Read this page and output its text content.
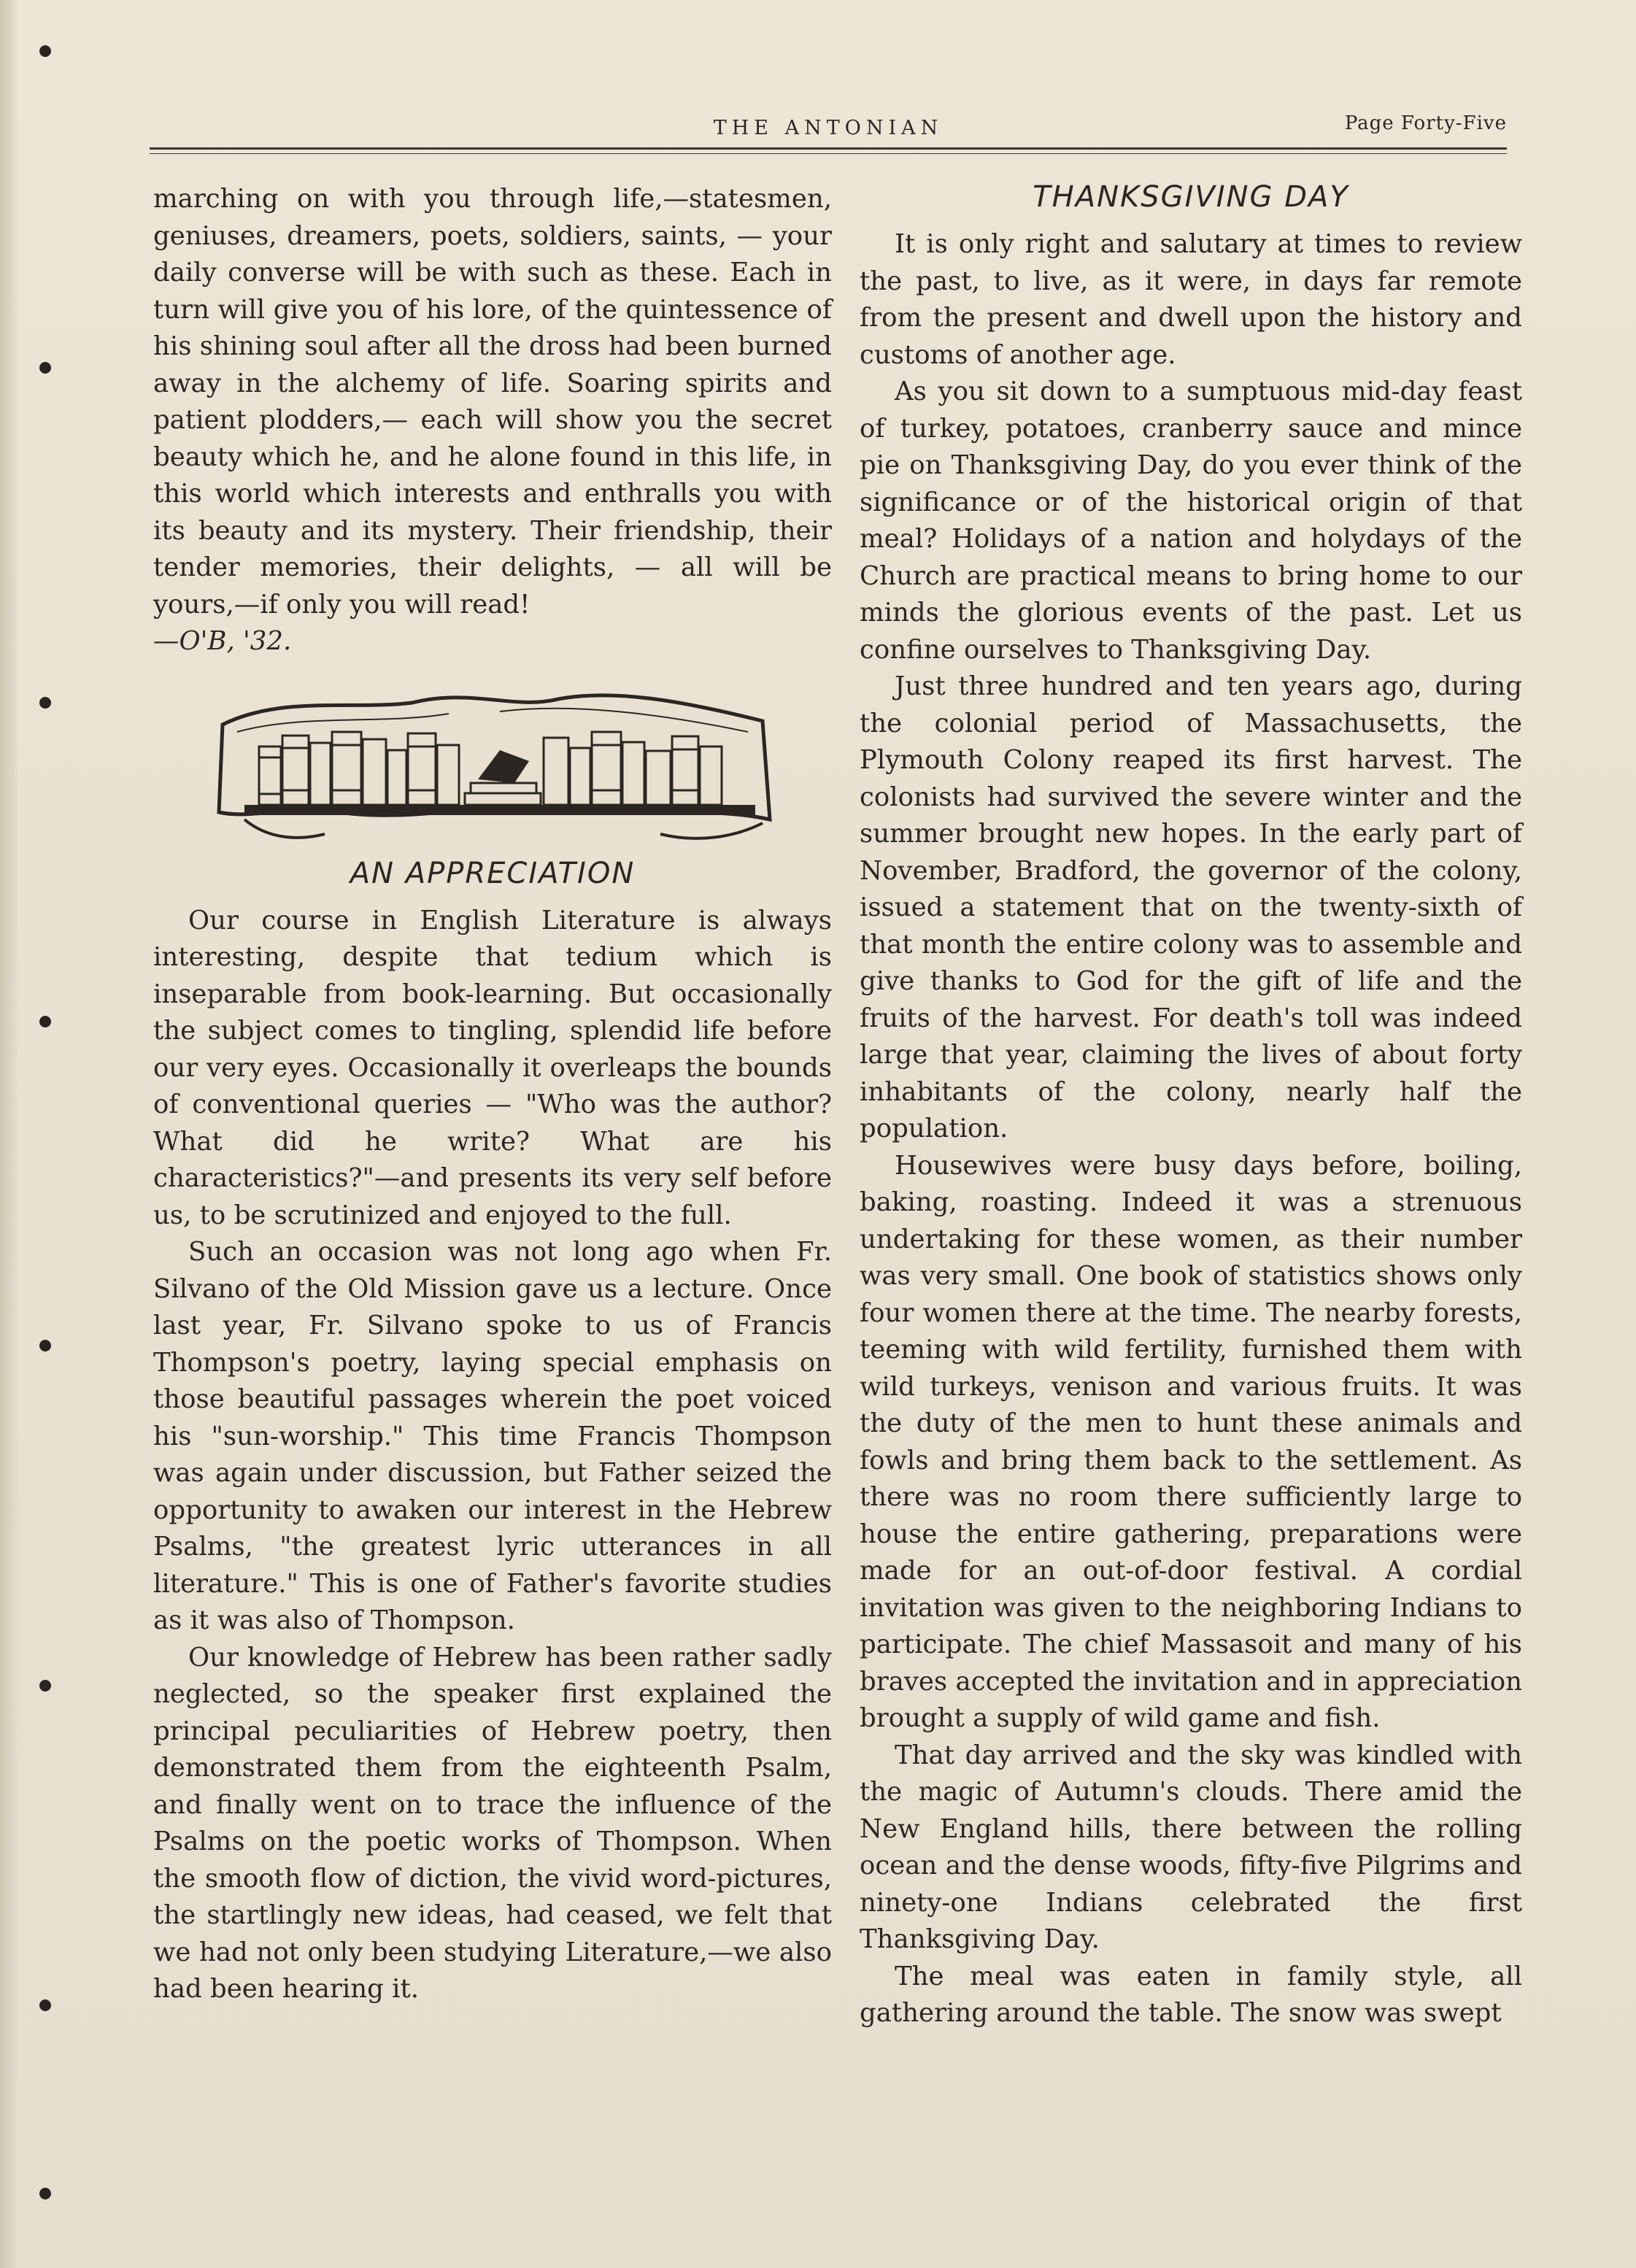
THE ANTONIAN	Page Forty-Five

marching on with you through life,—statesmen, geniuses, dreamers, poets, soldiers, saints, — your daily converse will be with such as these. Each in turn will give you of his lore, of the quintessence of his shining soul after all the dross had been burned away in the alchemy of life. Soaring spirits and patient plodders,— each will show you the secret beauty which he, and he alone found in this life, in this world which interests and enthralls you with its beauty and its mystery. Their friendship, their tender memories, their delights, — all will be yours,—if only you will read!

—O'B, '32.

AN APPRECIATION

Our course in English Literature is always interesting, despite that tedium which is inseparable from book-learning. But occasionally the subject comes to tingling, splendid life before our very eyes. Occasionally it overleaps the bounds of conventional queries — "Who was the author? What did he write? What are his characteristics?"—and presents its very self before us, to be scrutinized and enjoyed to the full.

Such an occasion was not long ago when Fr. Silvano of the Old Mission gave us a lecture. Once last year, Fr. Silvano spoke to us of Francis Thompson's poetry, laying special emphasis on those beautiful passages wherein the poet voiced his "sun-worship." This time Francis Thompson was again under discussion, but Father seized the opportunity to awaken our interest in the Hebrew Psalms, "the greatest lyric utterances in all literature." This is one of Father's favorite studies as it was also of Thompson.

Our knowledge of Hebrew has been rather sadly neglected, so the speaker first explained the principal peculiarities of Hebrew poetry, then demonstrated them from the eighteenth Psalm, and finally went on to trace the influence of the Psalms on the poetic works of Thompson. When the smooth flow of diction, the vivid word-pictures, the startlingly new ideas, had ceased, we felt that we had not only been studying Literature,—we also had been hearing it.

THANKSGIVING DAY

It is only right and salutary at times to review the past, to live, as it were, in days far remote from the present and dwell upon the history and customs of another age.

As you sit down to a sumptuous mid-day feast of turkey, potatoes, cranberry sauce and mince pie on Thanksgiving Day, do you ever think of the significance or of the historical origin of that meal? Holidays of a nation and holydays of the Church are practical means to bring home to our minds the glorious events of the past. Let us confine ourselves to Thanksgiving Day.

Just three hundred and ten years ago, during the colonial period of Massachusetts, the Plymouth Colony reaped its first harvest. The colonists had survived the severe winter and the summer brought new hopes. In the early part of November, Bradford, the governor of the colony, issued a statement that on the twenty-sixth of that month the entire colony was to assemble and give thanks to God for the gift of life and the fruits of the harvest. For death's toll was indeed large that year, claiming the lives of about forty inhabitants of the colony, nearly half the population.

Housewives were busy days before, boiling, baking, roasting. Indeed it was a strenuous undertaking for these women, as their number was very small. One book of statistics shows only four women there at the time. The nearby forests, teeming with wild fertility, furnished them with wild turkeys, venison and various fruits. It was the duty of the men to hunt these animals and fowls and bring them back to the settlement. As there was no room there sufficiently large to house the entire gathering, preparations were made for an out-of-door festival. A cordial invitation was given to the neighboring Indians to participate. The chief Massasoit and many of his braves accepted the invitation and in appreciation brought a supply of wild game and fish.

That day arrived and the sky was kindled with the magic of Autumn's clouds. There amid the New England hills, there between the rolling ocean and the dense woods, fifty-five Pilgrims and ninety-one Indians celebrated the first Thanksgiving Day.

The meal was eaten in family style, all gathering around the table. The snow was swept
